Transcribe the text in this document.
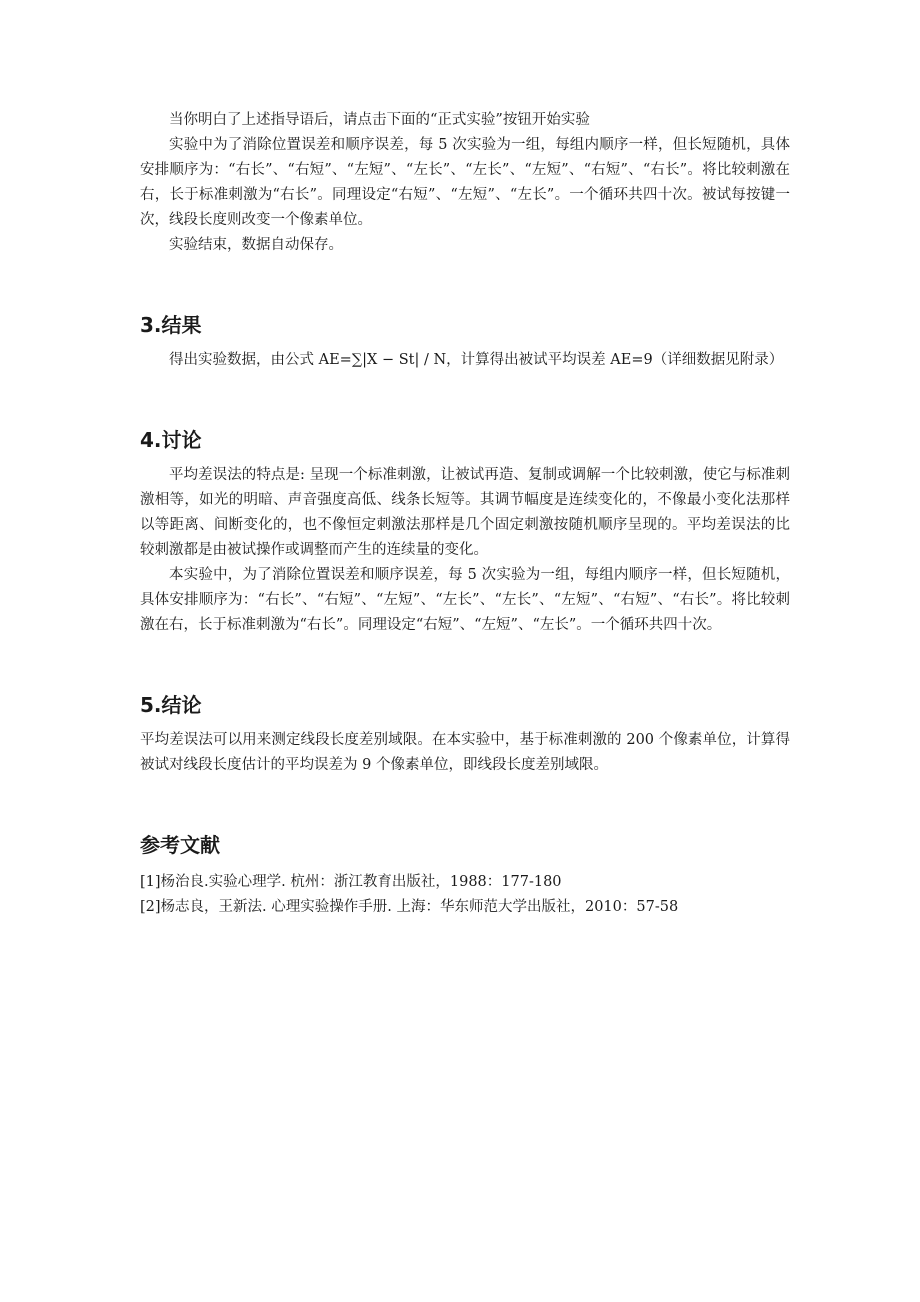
当你明白了上述指导语后，请点击下面的“正式实验”按钮开始实验

实验中为了消除位置误差和顺序误差，每 5 次实验为一组，每组内顺序一样，但长短随机，具体安排顺序为：“右长”、“右短”、“左短”、“左长”、“左长”、“左短”、“右短”、“右长”。将比较刺激在右，长于标准刺激为“右长”。同理设定“右短”、“左短”、“左长”。一个循环共四十次。被试每按键一次，线段长度则改变一个像素单位。

实验结束，数据自动保存。

3.结果

得出实验数据，由公式 AE=∑|X − St| / N，计算得出被试平均误差 AE=9（详细数据见附录）

4.讨论

平均差误法的特点是: 呈现一个标准刺激，让被试再造、复制或调解一个比较刺激，使它与标准刺激相等，如光的明暗、声音强度高低、线条长短等。其调节幅度是连续变化的，不像最小变化法那样以等距离、间断变化的，也不像恒定刺激法那样是几个固定刺激按随机顺序呈现的。平均差误法的比较刺激都是由被试操作或调整而产生的连续量的变化。

本实验中，为了消除位置误差和顺序误差，每 5 次实验为一组，每组内顺序一样，但长短随机，具体安排顺序为：“右长”、“右短”、“左短”、“左长”、“左长”、“左短”、“右短”、“右长”。将比较刺激在右，长于标准刺激为“右长”。同理设定“右短”、“左短”、“左长”。一个循环共四十次。

5.结论

平均差误法可以用来测定线段长度差别域限。在本实验中，基于标准刺激的 200 个像素单位，计算得被试对线段长度估计的平均误差为 9 个像素单位，即线段长度差别域限。

参考文献

[1]杨治良.实验心理学. 杭州：浙江教育出版社，1988：177-180

[2]杨志良，王新法. 心理实验操作手册. 上海：华东师范大学出版社，2010：57-58
